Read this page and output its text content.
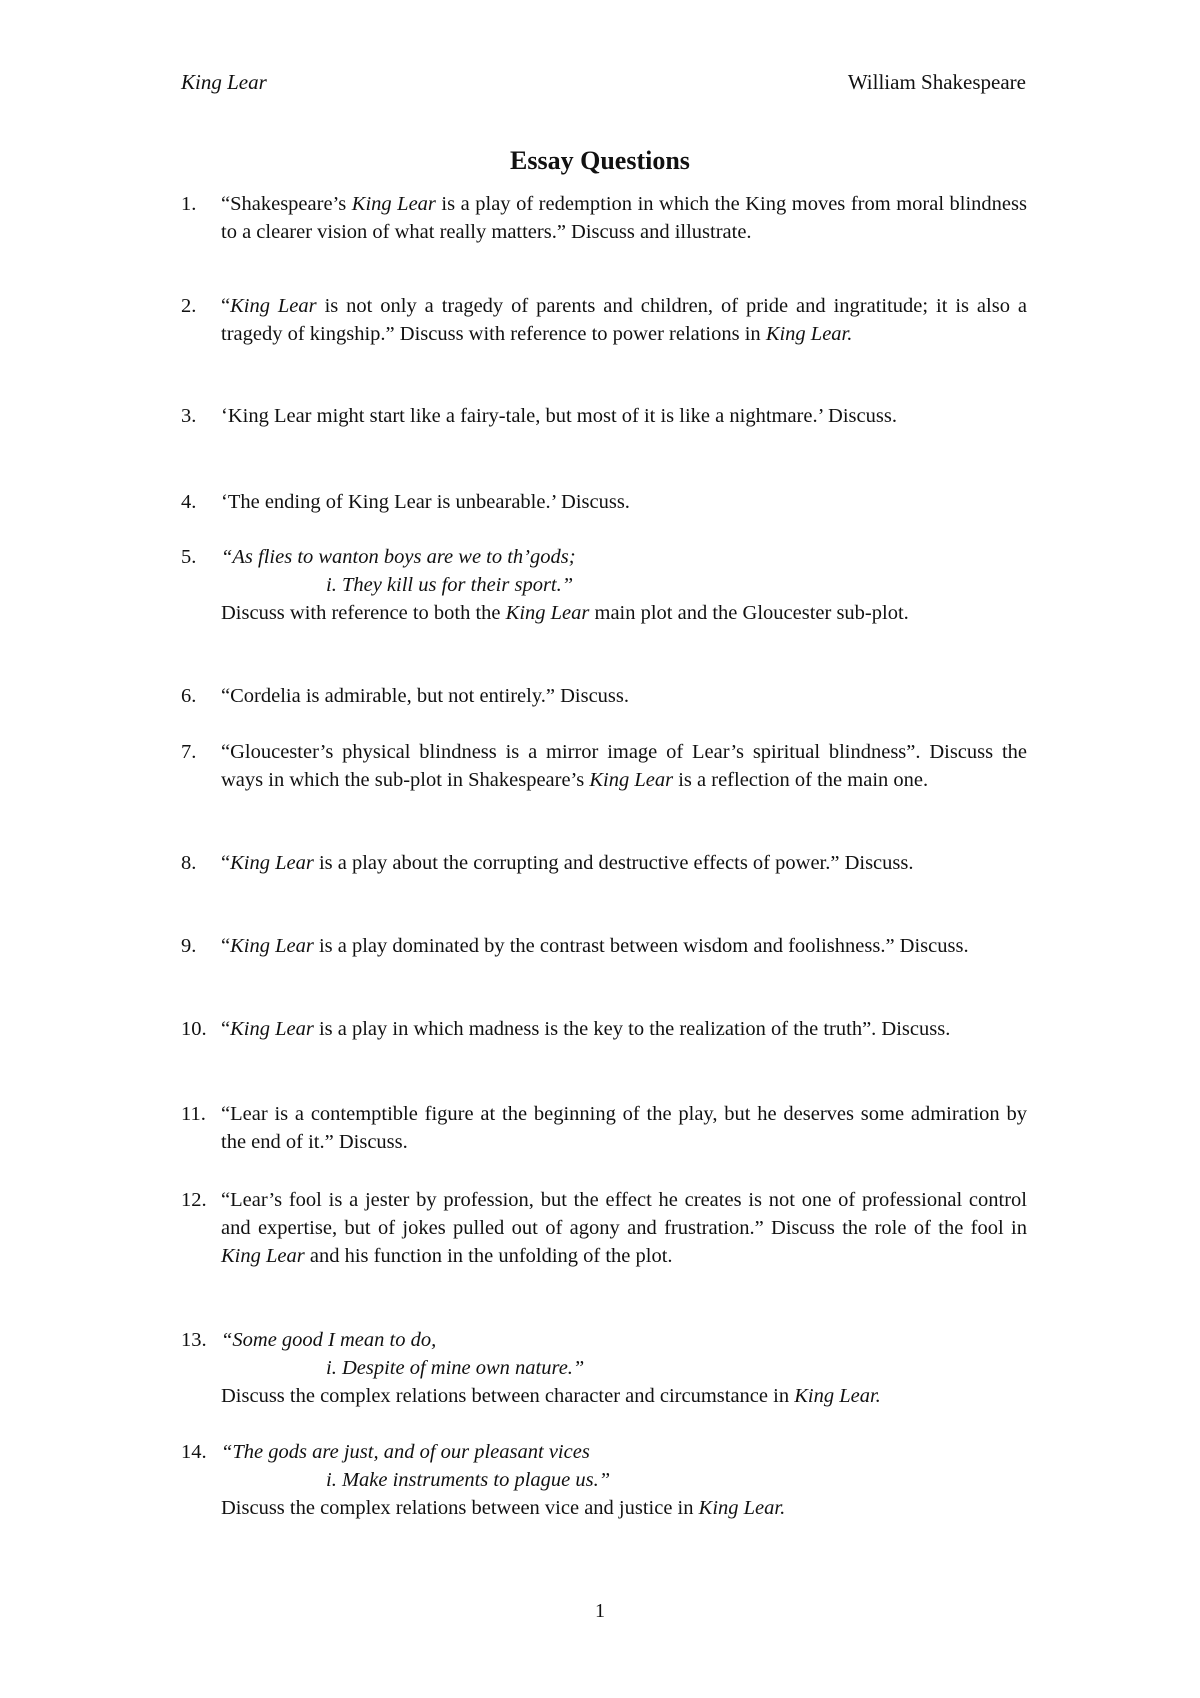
King Lear	William Shakespeare
Essay Questions
1. “Shakespeare’s King Lear is a play of redemption in which the King moves from moral blindness to a clearer vision of what really matters.” Discuss and illustrate.
2. “King Lear is not only a tragedy of parents and children, of pride and ingratitude; it is also a tragedy of kingship.” Discuss with reference to power relations in King Lear.
3. ‘King Lear might start like a fairy-tale, but most of it is like a nightmare.’ Discuss.
4. ‘The ending of King Lear is unbearable.’ Discuss.
5. “As flies to wanton boys are we to th’gods;
i. They kill us for their sport.”
Discuss with reference to both the King Lear main plot and the Gloucester sub-plot.
6. “Cordelia is admirable, but not entirely.” Discuss.
7. “Gloucester’s physical blindness is a mirror image of Lear’s spiritual blindness”. Discuss the ways in which the sub-plot in Shakespeare’s King Lear is a reflection of the main one.
8. “King Lear is a play about the corrupting and destructive effects of power.” Discuss.
9. “King Lear is a play dominated by the contrast between wisdom and foolishness.” Discuss.
10. “King Lear is a play in which madness is the key to the realization of the truth”. Discuss.
11. “Lear is a contemptible figure at the beginning of the play, but he deserves some admiration by the end of it.” Discuss.
12. “Lear’s fool is a jester by profession, but the effect he creates is not one of professional control and expertise, but of jokes pulled out of agony and frustration.” Discuss the role of the fool in King Lear and his function in the unfolding of the plot.
13. “Some good I mean to do,
i. Despite of mine own nature.”
Discuss the complex relations between character and circumstance in King Lear.
14. “The gods are just, and of our pleasant vices
i. Make instruments to plague us.”
Discuss the complex relations between vice and justice in King Lear.
1
